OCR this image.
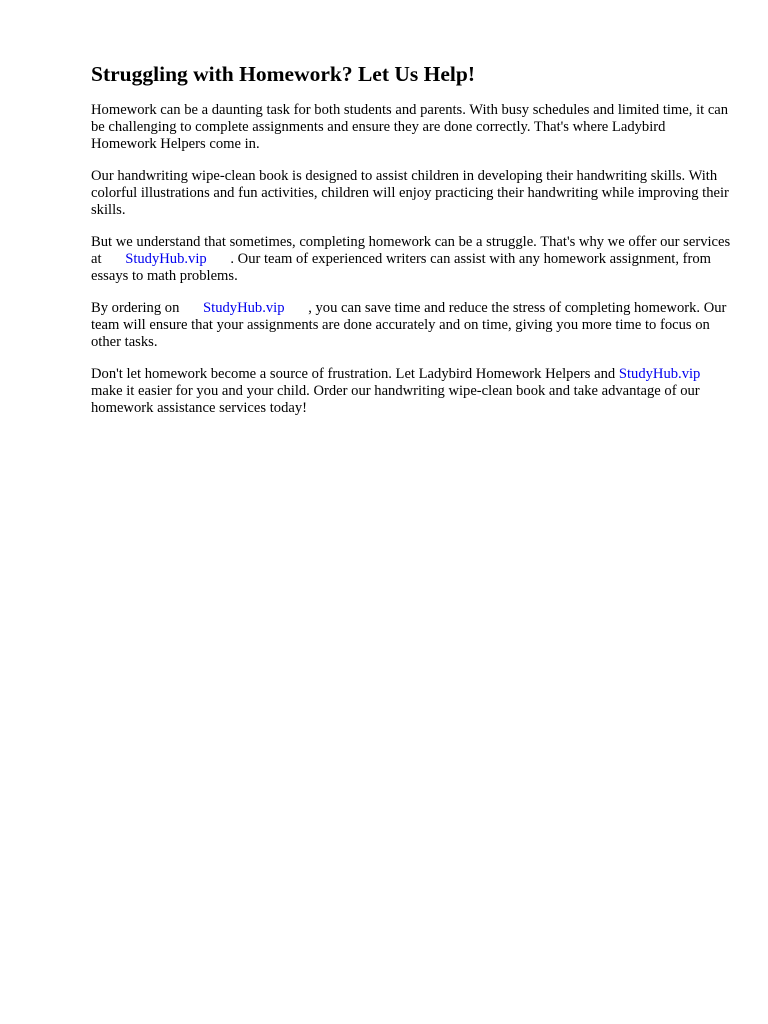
Struggling with Homework? Let Us Help!

Homework can be a daunting task for both students and parents. With busy schedules and limited time, it can be challenging to complete assignments and ensure they are done correctly. That's where Ladybird Homework Helpers come in.

Our handwriting wipe-clean book is designed to assist children in developing their handwriting skills. With colorful illustrations and fun activities, children will enjoy practicing their handwriting while improving their skills.

But we understand that sometimes, completing homework can be a struggle. That's why we offer our services at StudyHub.vip . Our team of experienced writers can assist with any homework assignment, from essays to math problems.

By ordering on StudyHub.vip , you can save time and reduce the stress of completing homework. Our team will ensure that your assignments are done accurately and on time, giving you more time to focus on other tasks.

Don't let homework become a source of frustration. Let Ladybird Homework Helpers and StudyHub.vip make it easier for you and your child. Order our handwriting wipe-clean book and take advantage of our homework assistance services today!
